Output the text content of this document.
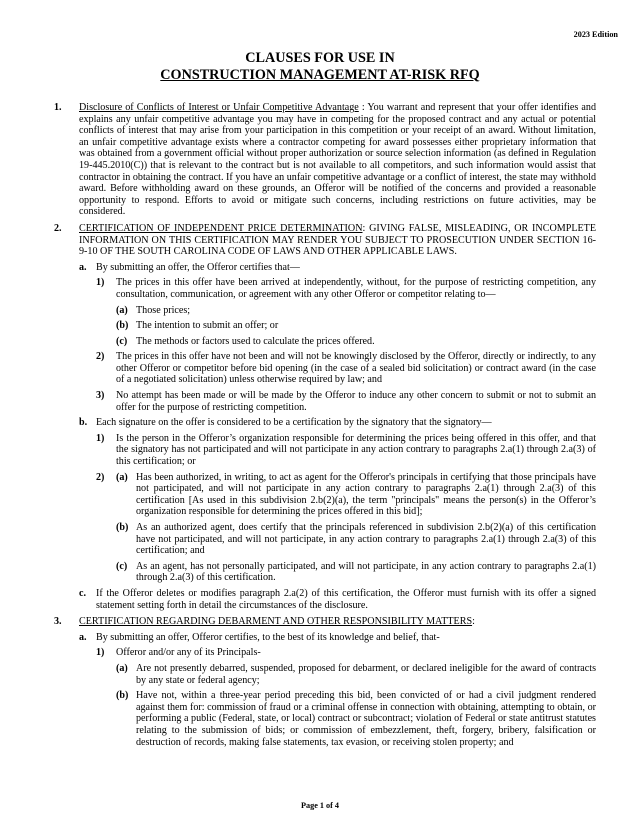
2023 Edition
CLAUSES FOR USE IN
CONSTRUCTION MANAGEMENT AT-RISK RFQ
1.	Disclosure of Conflicts of Interest or Unfair Competitive Advantage : You warrant and represent that your offer identifies and explains any unfair competitive advantage you may have in competing for the proposed contract and any actual or potential conflicts of interest that may arise from your participation in this competition or your receipt of an award. Without limitation, an unfair competitive advantage exists where a contractor competing for award possesses either proprietary information that was obtained from a government official without proper authorization or source selection information (as defined in Regulation 19-445.2010(C)) that is relevant to the contract but is not available to all competitors, and such information would assist that contractor in obtaining the contract. If you have an unfair competitive advantage or a conflict of interest, the state may withhold award. Before withholding award on these grounds, an Offeror will be notified of the concerns and provided a reasonable opportunity to respond. Efforts to avoid or mitigate such concerns, including restrictions on future activities, may be considered.
2.	CERTIFICATION OF INDEPENDENT PRICE DETERMINATION: GIVING FALSE, MISLEADING, OR INCOMPLETE INFORMATION ON THIS CERTIFICATION MAY RENDER YOU SUBJECT TO PROSECUTION UNDER SECTION 16-9-10 OF THE SOUTH CAROLINA CODE OF LAWS AND OTHER APPLICABLE LAWS.
a. By submitting an offer, the Offeror certifies that—
1)	The prices in this offer have been arrived at independently, without, for the purpose of restricting competition, any consultation, communication, or agreement with any other Offeror or competitor relating to—
(a) Those prices;
(b) The intention to submit an offer; or
(c) The methods or factors used to calculate the prices offered.
2)	The prices in this offer have not been and will not be knowingly disclosed by the Offeror, directly or indirectly, to any other Offeror or competitor before bid opening (in the case of a sealed bid solicitation) or contract award (in the case of a negotiated solicitation) unless otherwise required by law; and
3)	No attempt has been made or will be made by the Offeror to induce any other concern to submit or not to submit an offer for the purpose of restricting competition.
b. Each signature on the offer is considered to be a certification by the signatory that the signatory—
1)	Is the person in the Offeror’s organization responsible for determining the prices being offered in this offer, and that the signatory has not participated and will not participate in any action contrary to paragraphs 2.a(1) through 2.a(3) of this certification; or
2)	(a) Has been authorized, in writing, to act as agent for the Offeror's principals in certifying that those principals have not participated, and will not participate in any action contrary to paragraphs 2.a(1) through 2.a(3) of this certification [As used in this subdivision 2.b(2)(a), the term "principals" means the person(s) in the Offeror’s organization responsible for determining the prices offered in this bid];
(b) As an authorized agent, does certify that the principals referenced in subdivision 2.b(2)(a) of this certification have not participated, and will not participate, in any action contrary to paragraphs 2.a(1) through 2.a(3) of this certification; and
(c) As an agent, has not personally participated, and will not participate, in any action contrary to paragraphs 2.a(1) through 2.a(3) of this certification.
c. If the Offeror deletes or modifies paragraph 2.a(2) of this certification, the Offeror must furnish with its offer a signed statement setting forth in detail the circumstances of the disclosure.
3.	CERTIFICATION REGARDING DEBARMENT AND OTHER RESPONSIBILITY MATTERS:
a. By submitting an offer, Offeror certifies, to the best of its knowledge and belief, that-
1)	Offeror and/or any of its Principals-
(a) Are not presently debarred, suspended, proposed for debarment, or declared ineligible for the award of contracts by any state or federal agency;
(b) Have not, within a three-year period preceding this bid, been convicted of or had a civil judgment rendered against them for: commission of fraud or a criminal offense in connection with obtaining, attempting to obtain, or performing a public (Federal, state, or local) contract or subcontract; violation of Federal or state antitrust statutes relating to the submission of bids; or commission of embezzlement, theft, forgery, bribery, falsification or destruction of records, making false statements, tax evasion, or receiving stolen property; and
Page 1 of 4
